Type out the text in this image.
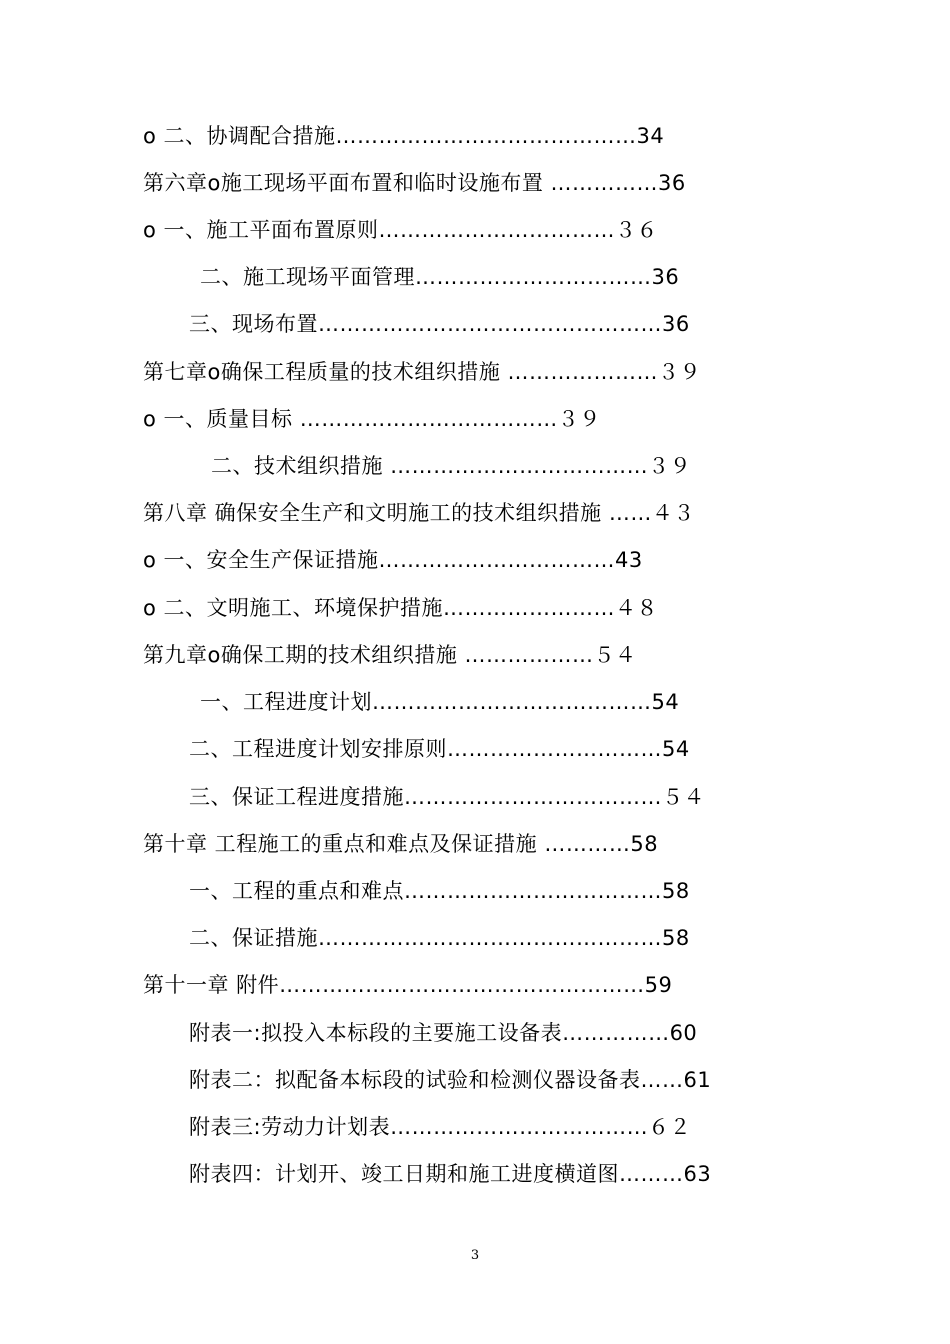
ο 二、协调配合措施……………………………………34
第六章ο施工现场平面布置和临时设施布置 ……………36
ο 一、施工平面布置原则……………………………３６
二、施工现场平面管理……………………………36
三、现场布置…………………………………………36
第七章ο确保工程质量的技术组织措施 …………………３９
ο 一、质量目标 ………………………………３９
二、技术组织措施 ………………………………３９
第八章 确保安全生产和文明施工的技术组织措施 ……４３
ο 一、安全生产保证措施……………………………43
ο 二、文明施工、环境保护措施……………………４８
第九章ο确保工期的技术组织措施 ………………５４
一、工程进度计划…………………………………54
二、工程进度计划安排原则…………………………54
三、保证工程进度措施………………………………５４
第十章 工程施工的重点和难点及保证措施 …………58
一、工程的重点和难点………………………………58
二、保证措施…………………………………………58
第十一章 附件……………………………………………59
附表一:拟投入本标段的主要施工设备表……………60
附表二：拟配备本标段的试验和检测仪器设备表……61
附表三:劳动力计划表………………………………６２
附表四：计划开、竣工日期和施工进度横道图………63
3
